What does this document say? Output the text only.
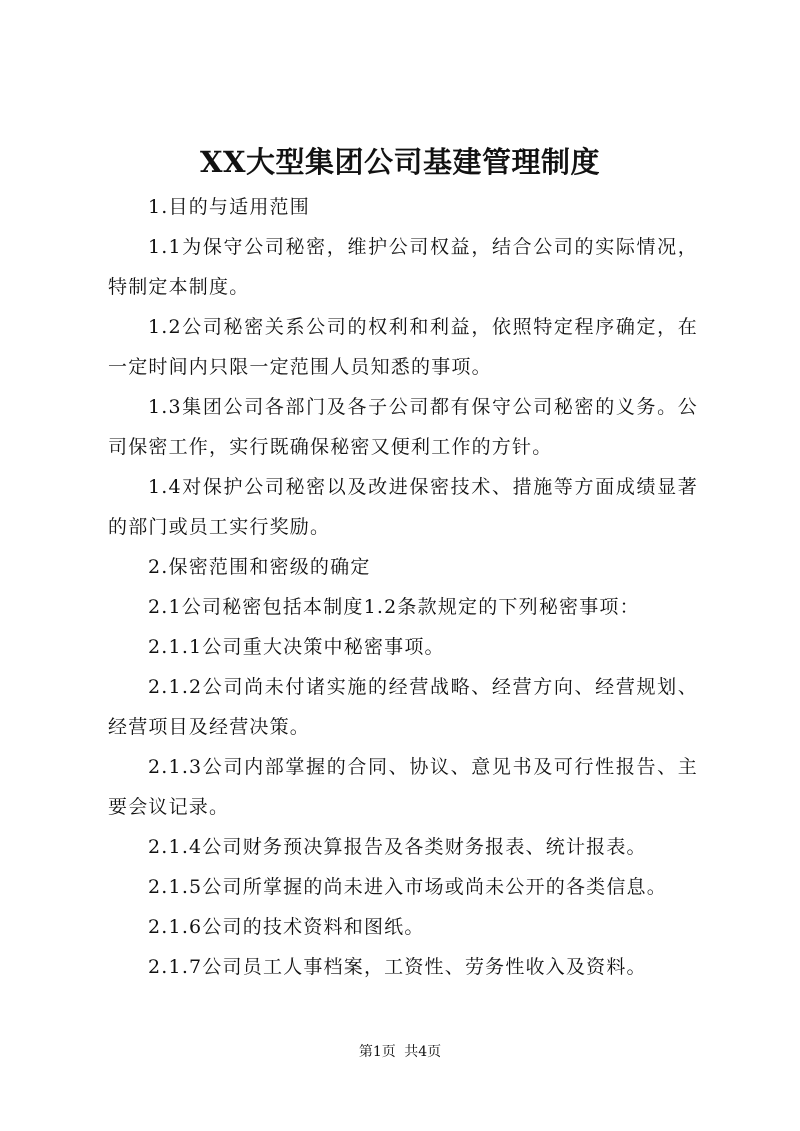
XX大型集团公司基建管理制度

1.目的与适用范围

1.1为保守公司秘密，维护公司权益，结合公司的实际情况，特制定本制度。

1.2公司秘密关系公司的权利和利益，依照特定程序确定，在一定时间内只限一定范围人员知悉的事项。

1.3集团公司各部门及各子公司都有保守公司秘密的义务。公司保密工作，实行既确保秘密又便利工作的方针。

1.4对保护公司秘密以及改进保密技术、措施等方面成绩显著的部门或员工实行奖励。

2.保密范围和密级的确定

2.1公司秘密包括本制度1.2条款规定的下列秘密事项：

2.1.1公司重大决策中秘密事项。

2.1.2公司尚未付诸实施的经营战略、经营方向、经营规划、经营项目及经营决策。

2.1.3公司内部掌握的合同、协议、意见书及可行性报告、主要会议记录。

2.1.4公司财务预决算报告及各类财务报表、统计报表。

2.1.5公司所掌握的尚未进入市场或尚未公开的各类信息。

2.1.6公司的技术资料和图纸。

2.1.7公司员工人事档案，工资性、劳务性收入及资料。

第1页 共4页
